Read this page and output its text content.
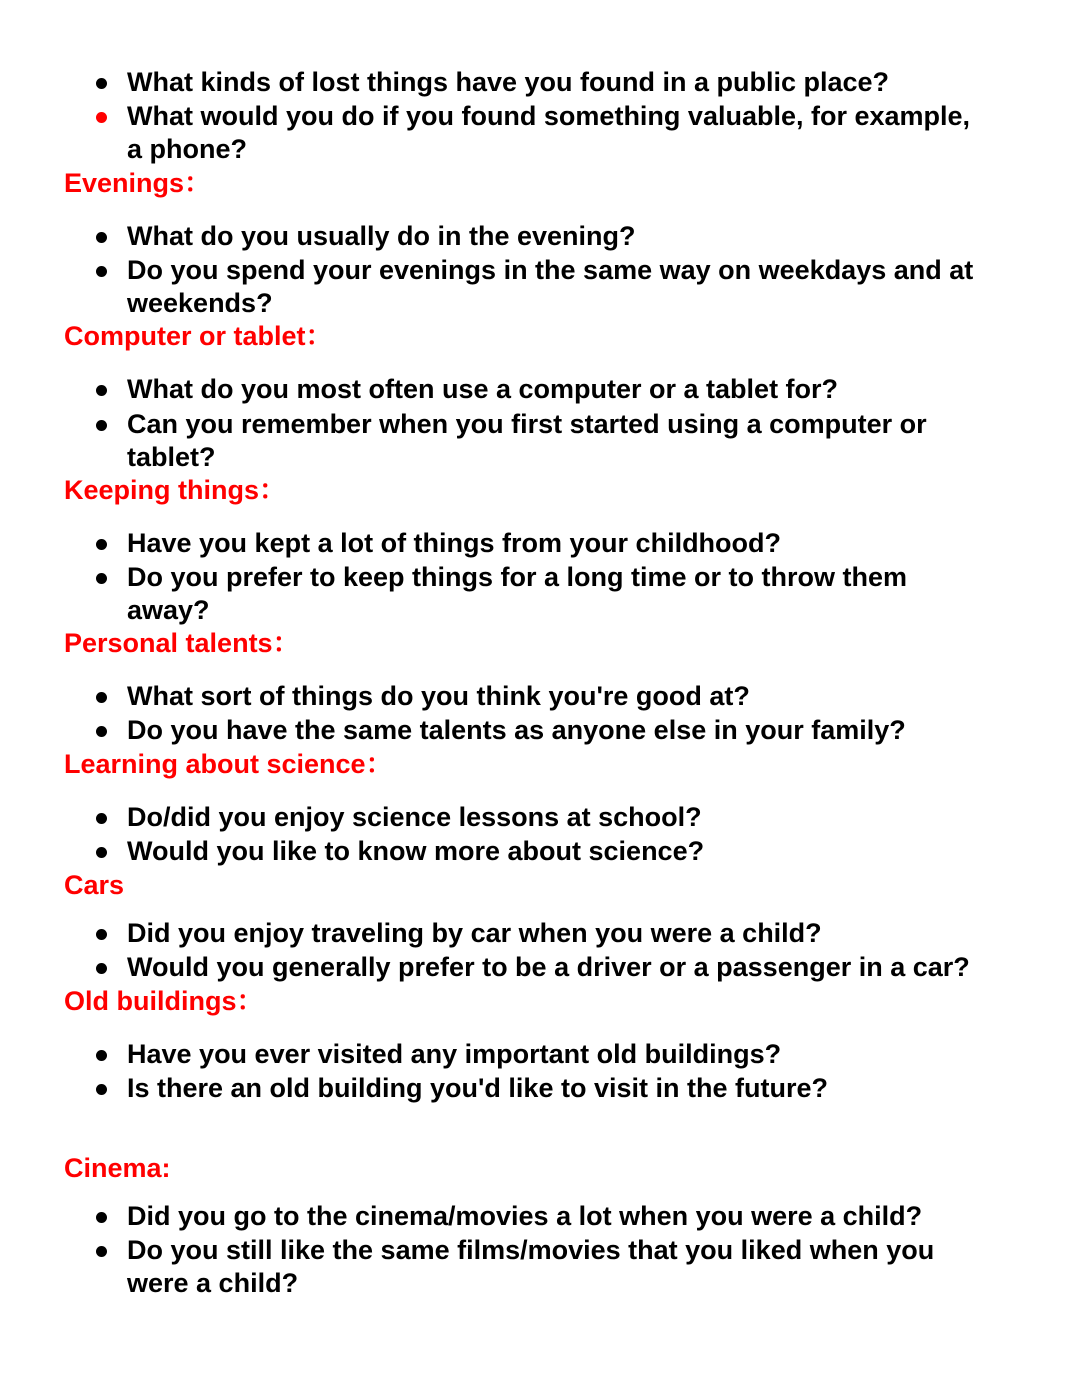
What kinds of lost things have you found in a public place?
What would you do if you found something valuable, for example,
a phone?
Evenings：
What do you usually do in the evening?
Do you spend your evenings in the same way on weekdays and at
weekends?
Computer or tablet：
What do you most often use a computer or a tablet for?
Can you remember when you first started using a computer or
tablet?
Keeping things：
Have you kept a lot of things from your childhood?
Do you prefer to keep things for a long time or to throw them
away?
Personal talents：
What sort of things do you think you're good at?
Do you have the same talents as anyone else in your family?
Learning about science：
Do/did you enjoy science lessons at school?
Would you like to know more about science?
Cars
Did you enjoy traveling by car when you were a child?
Would you generally prefer to be a driver or a passenger in a car?
Old buildings：
Have you ever visited any important old buildings?
Is there an old building you'd like to visit in the future?
Cinema:
Did you go to the cinema/movies a lot when you were a child?
Do you still like the same films/movies that you liked when you
were a child?
